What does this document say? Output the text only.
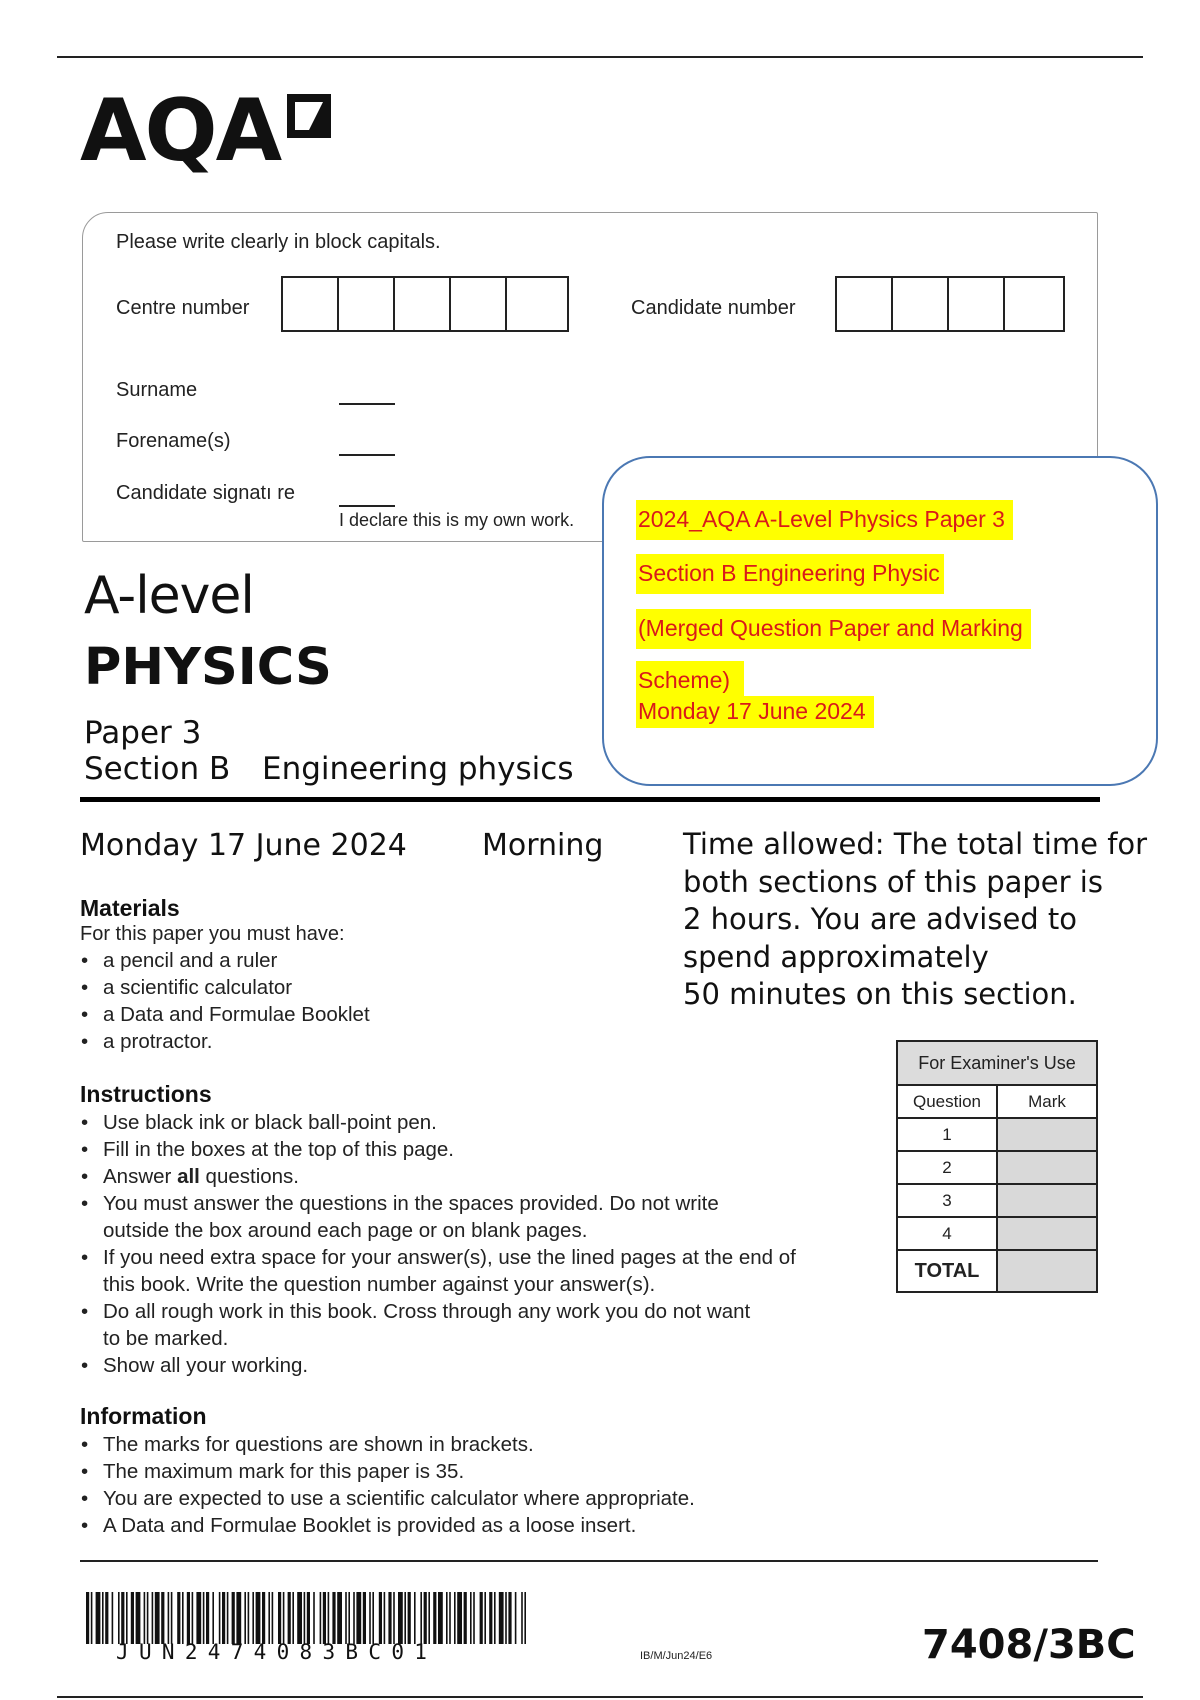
AQA
Please write clearly in block capitals.
Centre number	Candidate number
Surname
Forename(s)
Candidate signatı re
I declare this is my own work.
A-level
PHYSICS
Paper 3
Section B Engineering physics
2024_AQA A-Level Physics Paper 3
Section B Engineering Physic
(Merged Question Paper and Marking
Scheme)
Monday 17 June 2024
Monday 17 June 2024	Morning	Time allowed: The total time for
both sections of this paper is
2 hours. You are advised to
spend approximately
50 minutes on this section.
Materials
For this paper you must have:
• a pencil and a ruler
• a scientific calculator
• a Data and Formulae Booklet
• a protractor.
Instructions
• Use black ink or black ball-point pen.
• Fill in the boxes at the top of this page.
• Answer all questions.
• You must answer the questions in the spaces provided. Do not write
outside the box around each page or on blank pages.
• If you need extra space for your answer(s), use the lined pages at the end of
this book. Write the question number against your answer(s).
• Do all rough work in this book. Cross through any work you do not want
to be marked.
• Show all your working.
Information
• The marks for questions are shown in brackets.
• The maximum mark for this paper is 35.
• You are expected to use a scientific calculator where appropriate.
• A Data and Formulae Booklet is provided as a loose insert.
For Examiner's Use	
Question	Mark
1	
2	
3	
4	
TOTAL	
JUN2474083BC01	IB/M/Jun24/E6	7408/3BC
